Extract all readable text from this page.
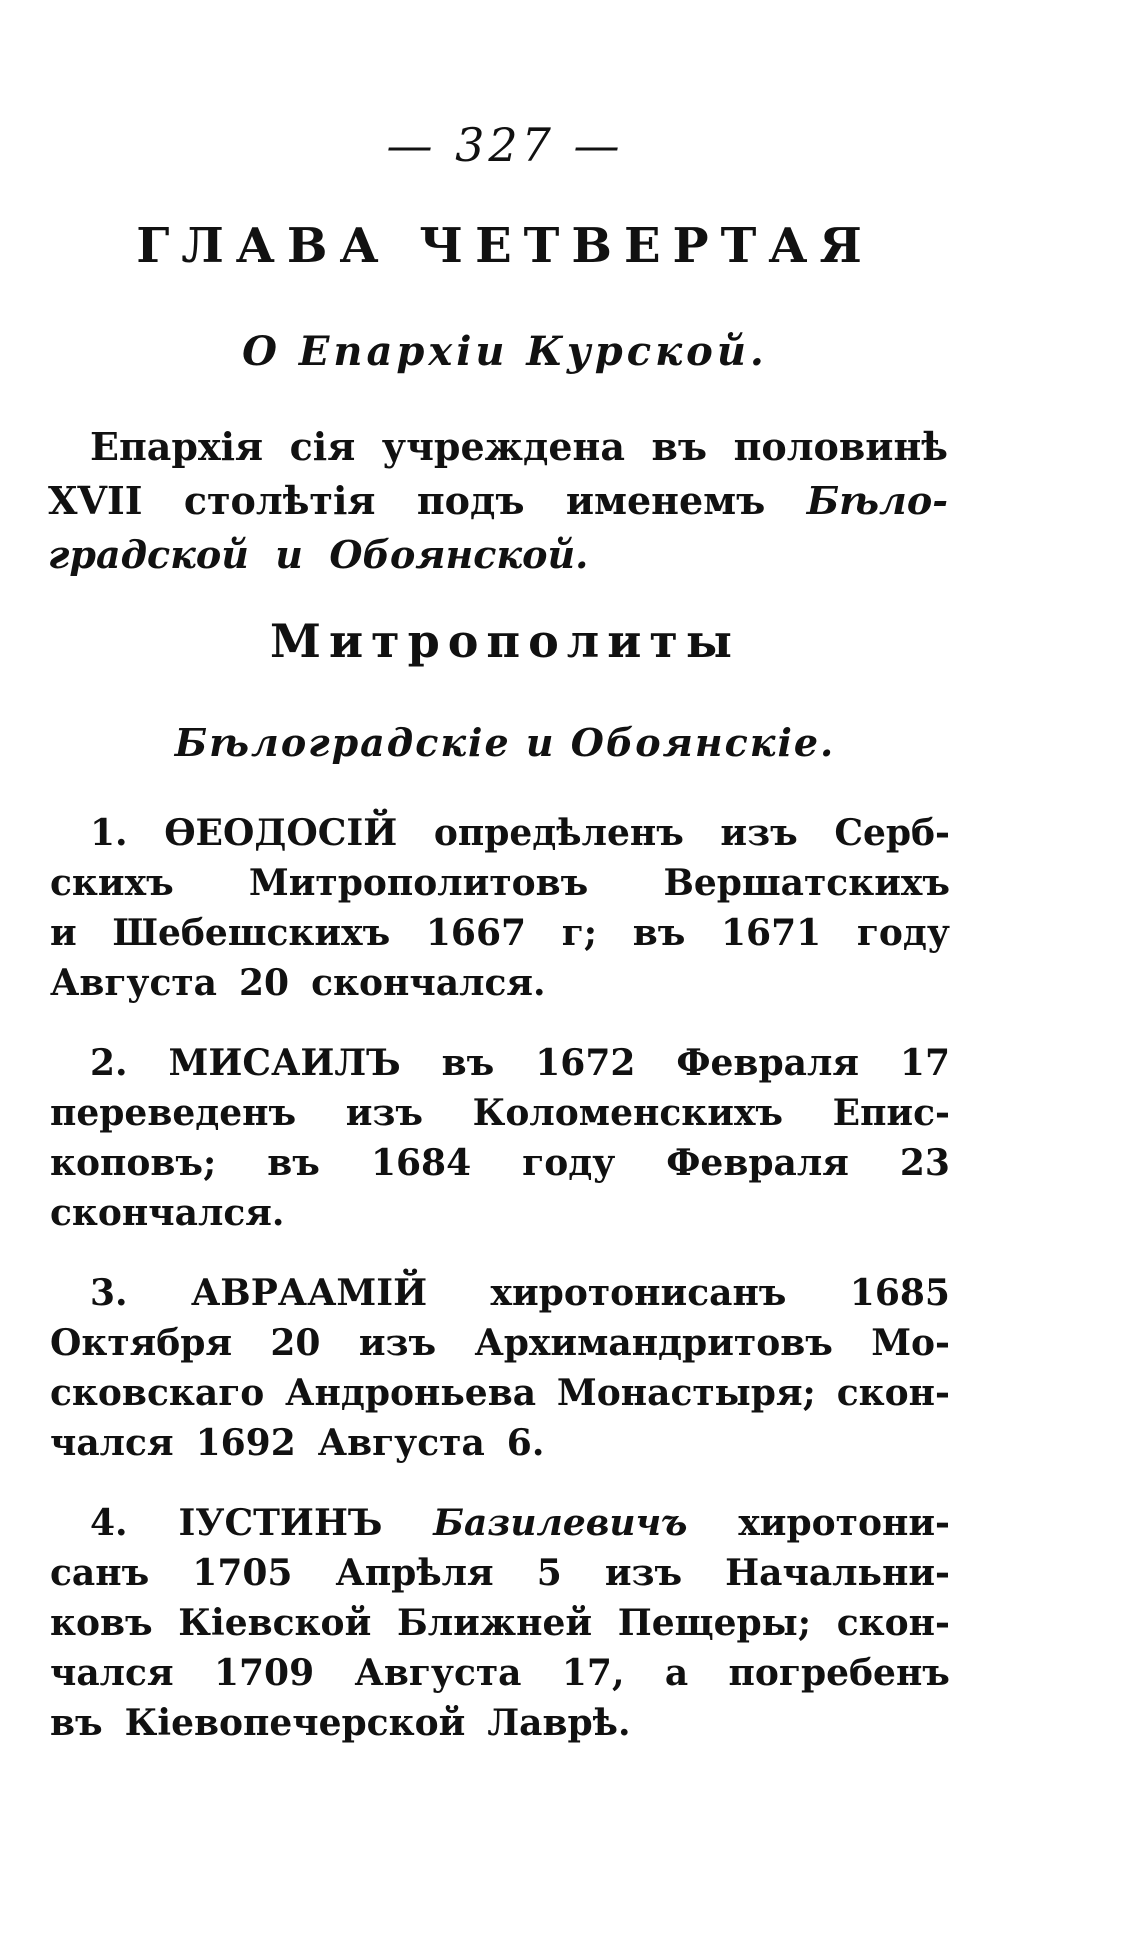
— 327 —
ГЛАВА ЧЕТВЕРТАЯ
О Епархiи Курской.
Епархiя сiя учреждена въ половинѣ
XVII столѣтiя подъ именемъ Бѣло-
градской
и
Обоянской.
Митрополиты
Бѣлоградскiе и Обоянскiе.
1. ѲЕОДОСIЙ опредѣленъ изъ Серб-
скихъ Митрополитовъ Вершатскихъ
и Шебешскихъ 1667 г; въ 1671 году
Августа 20 скончался.
2. МИСАИЛЪ въ 1672 Февраля 17
переведенъ изъ Коломенскихъ Епис-
коповъ; въ 1684 году Февраля 23
скончался.
3. АВРААМIЙ хиротонисанъ 1685
Октября 20 изъ Архимандритовъ Мо-
сковскаго Андроньева Монастыря; скон-
чался 1692 Августа 6.
4. IУСТИНЪ Базилевичъ хиротони-
санъ 1705 Апрѣля 5 изъ Начальни-
ковъ Кiевской Ближней Пещеры; скон-
чался 1709 Августа 17, а погребенъ
въ Кiевопечерской Лаврѣ.
